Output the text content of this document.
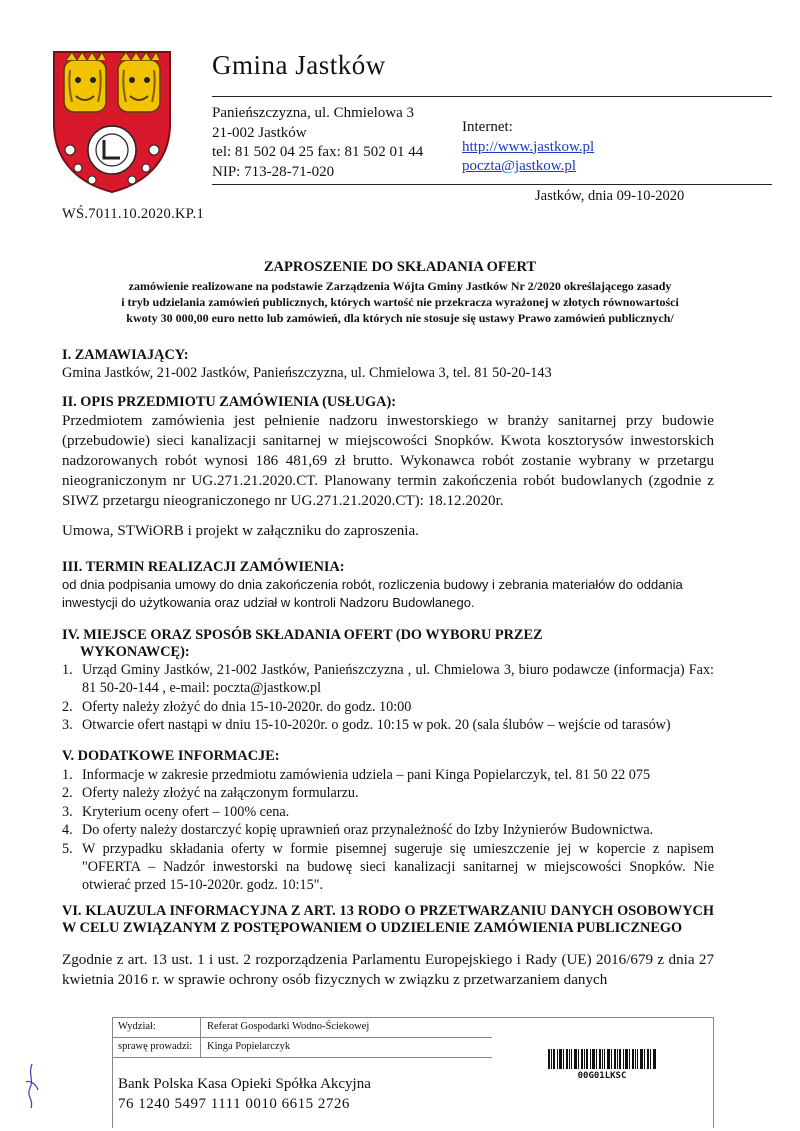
Gmina Jastków
Panieńszczyzna, ul. Chmielowa 3
21-002 Jastków
tel: 81 502 04 25 fax: 81 502 01 44
NIP: 713-28-71-020
Internet:
http://www.jastkow.pl
poczta@jastkow.pl
Jastków, dnia 09-10-2020
WŚ.7011.10.2020.KP.1
ZAPROSZENIE DO SKŁADANIA OFERT
zamówienie realizowane na podstawie Zarządzenia Wójta Gminy Jastków Nr 2/2020 określającego zasady
i tryb udzielania zamówień publicznych, których wartość nie przekracza wyrażonej w złotych równowartości
kwoty 30 000,00 euro netto lub zamówień, dla których nie stosuje się ustawy Prawo zamówień publicznych/
I. ZAMAWIAJĄCY:
Gmina Jastków, 21-002 Jastków, Panieńszczyzna, ul. Chmielowa 3, tel. 81 50-20-143
II. OPIS PRZEDMIOTU ZAMÓWIENIA (USŁUGA):
Przedmiotem zamówienia jest pełnienie nadzoru inwestorskiego w branży sanitarnej przy budowie (przebudowie) sieci kanalizacji sanitarnej w miejscowości Snopków. Kwota kosztorysów inwestorskich nadzorowanych robót wynosi 186 481,69 zł brutto. Wykonawca robót zostanie wybrany w przetargu nieograniczonym nr UG.271.21.2020.CT. Planowany termin zakończenia robót budowlanych (zgodnie z SIWZ przetargu nieograniczonego nr UG.271.21.2020.CT): 18.12.2020r.
Umowa, STWiORB i projekt w załączniku do zaproszenia.
III. TERMIN REALIZACJI ZAMÓWIENIA:
od dnia podpisania umowy do dnia zakończenia robót, rozliczenia budowy i zebrania materiałów do oddania inwestycji do użytkowania oraz udział w kontroli Nadzoru Budowlanego.
IV. MIEJSCE ORAZ SPOSÓB SKŁADANIA OFERT (DO WYBORU PRZEZ
WYKONAWCĘ):
1. Urząd Gminy Jastków, 21-002 Jastków, Panieńszczyzna , ul. Chmielowa 3, biuro podawcze (informacja) Fax: 81 50-20-144 , e-mail: poczta@jastkow.pl
2. Oferty należy złożyć do dnia 15-10-2020r. do godz. 10:00
3. Otwarcie ofert nastąpi w dniu 15-10-2020r. o godz. 10:15 w pok. 20 (sala ślubów – wejście od tarasów)
V. DODATKOWE INFORMACJE:
1. Informacje w zakresie przedmiotu zamówienia udziela – pani Kinga Popielarczyk, tel. 81 50 22 075
2. Oferty należy złożyć na załączonym formularzu.
3. Kryterium oceny ofert – 100% cena.
4. Do oferty należy dostarczyć kopię uprawnień oraz przynależność do Izby Inżynierów Budownictwa.
5. W przypadku składania oferty w formie pisemnej sugeruje się umieszczenie jej w kopercie z napisem "OFERTA – Nadzór inwestorski na budowę sieci kanalizacji sanitarnej w miejscowości Snopków. Nie otwierać przed 15-10-2020r. godz. 10:15".
VI. KLAUZULA INFORMACYJNA Z ART. 13 RODO O PRZETWARZANIU DANYCH OSOBOWYCH W CELU ZWIĄZANYM Z POSTĘPOWANIEM O UDZIELENIE ZAMÓWIENIA PUBLICZNEGO
Zgodnie z art. 13 ust. 1 i ust. 2 rozporządzenia Parlamentu Europejskiego i Rady (UE) 2016/679 z dnia 27 kwietnia 2016 r. w sprawie ochrony osób fizycznych w związku z przetwarzaniem danych
Wydział:	Referat Gospodarki Wodno-Ściekowej
sprawę prowadzi:	Kinga Popielarczyk
Bank Polska Kasa Opieki Spółka Akcyjna
76 1240 5497 1111 0010 6615 2726
00G01LKSC
